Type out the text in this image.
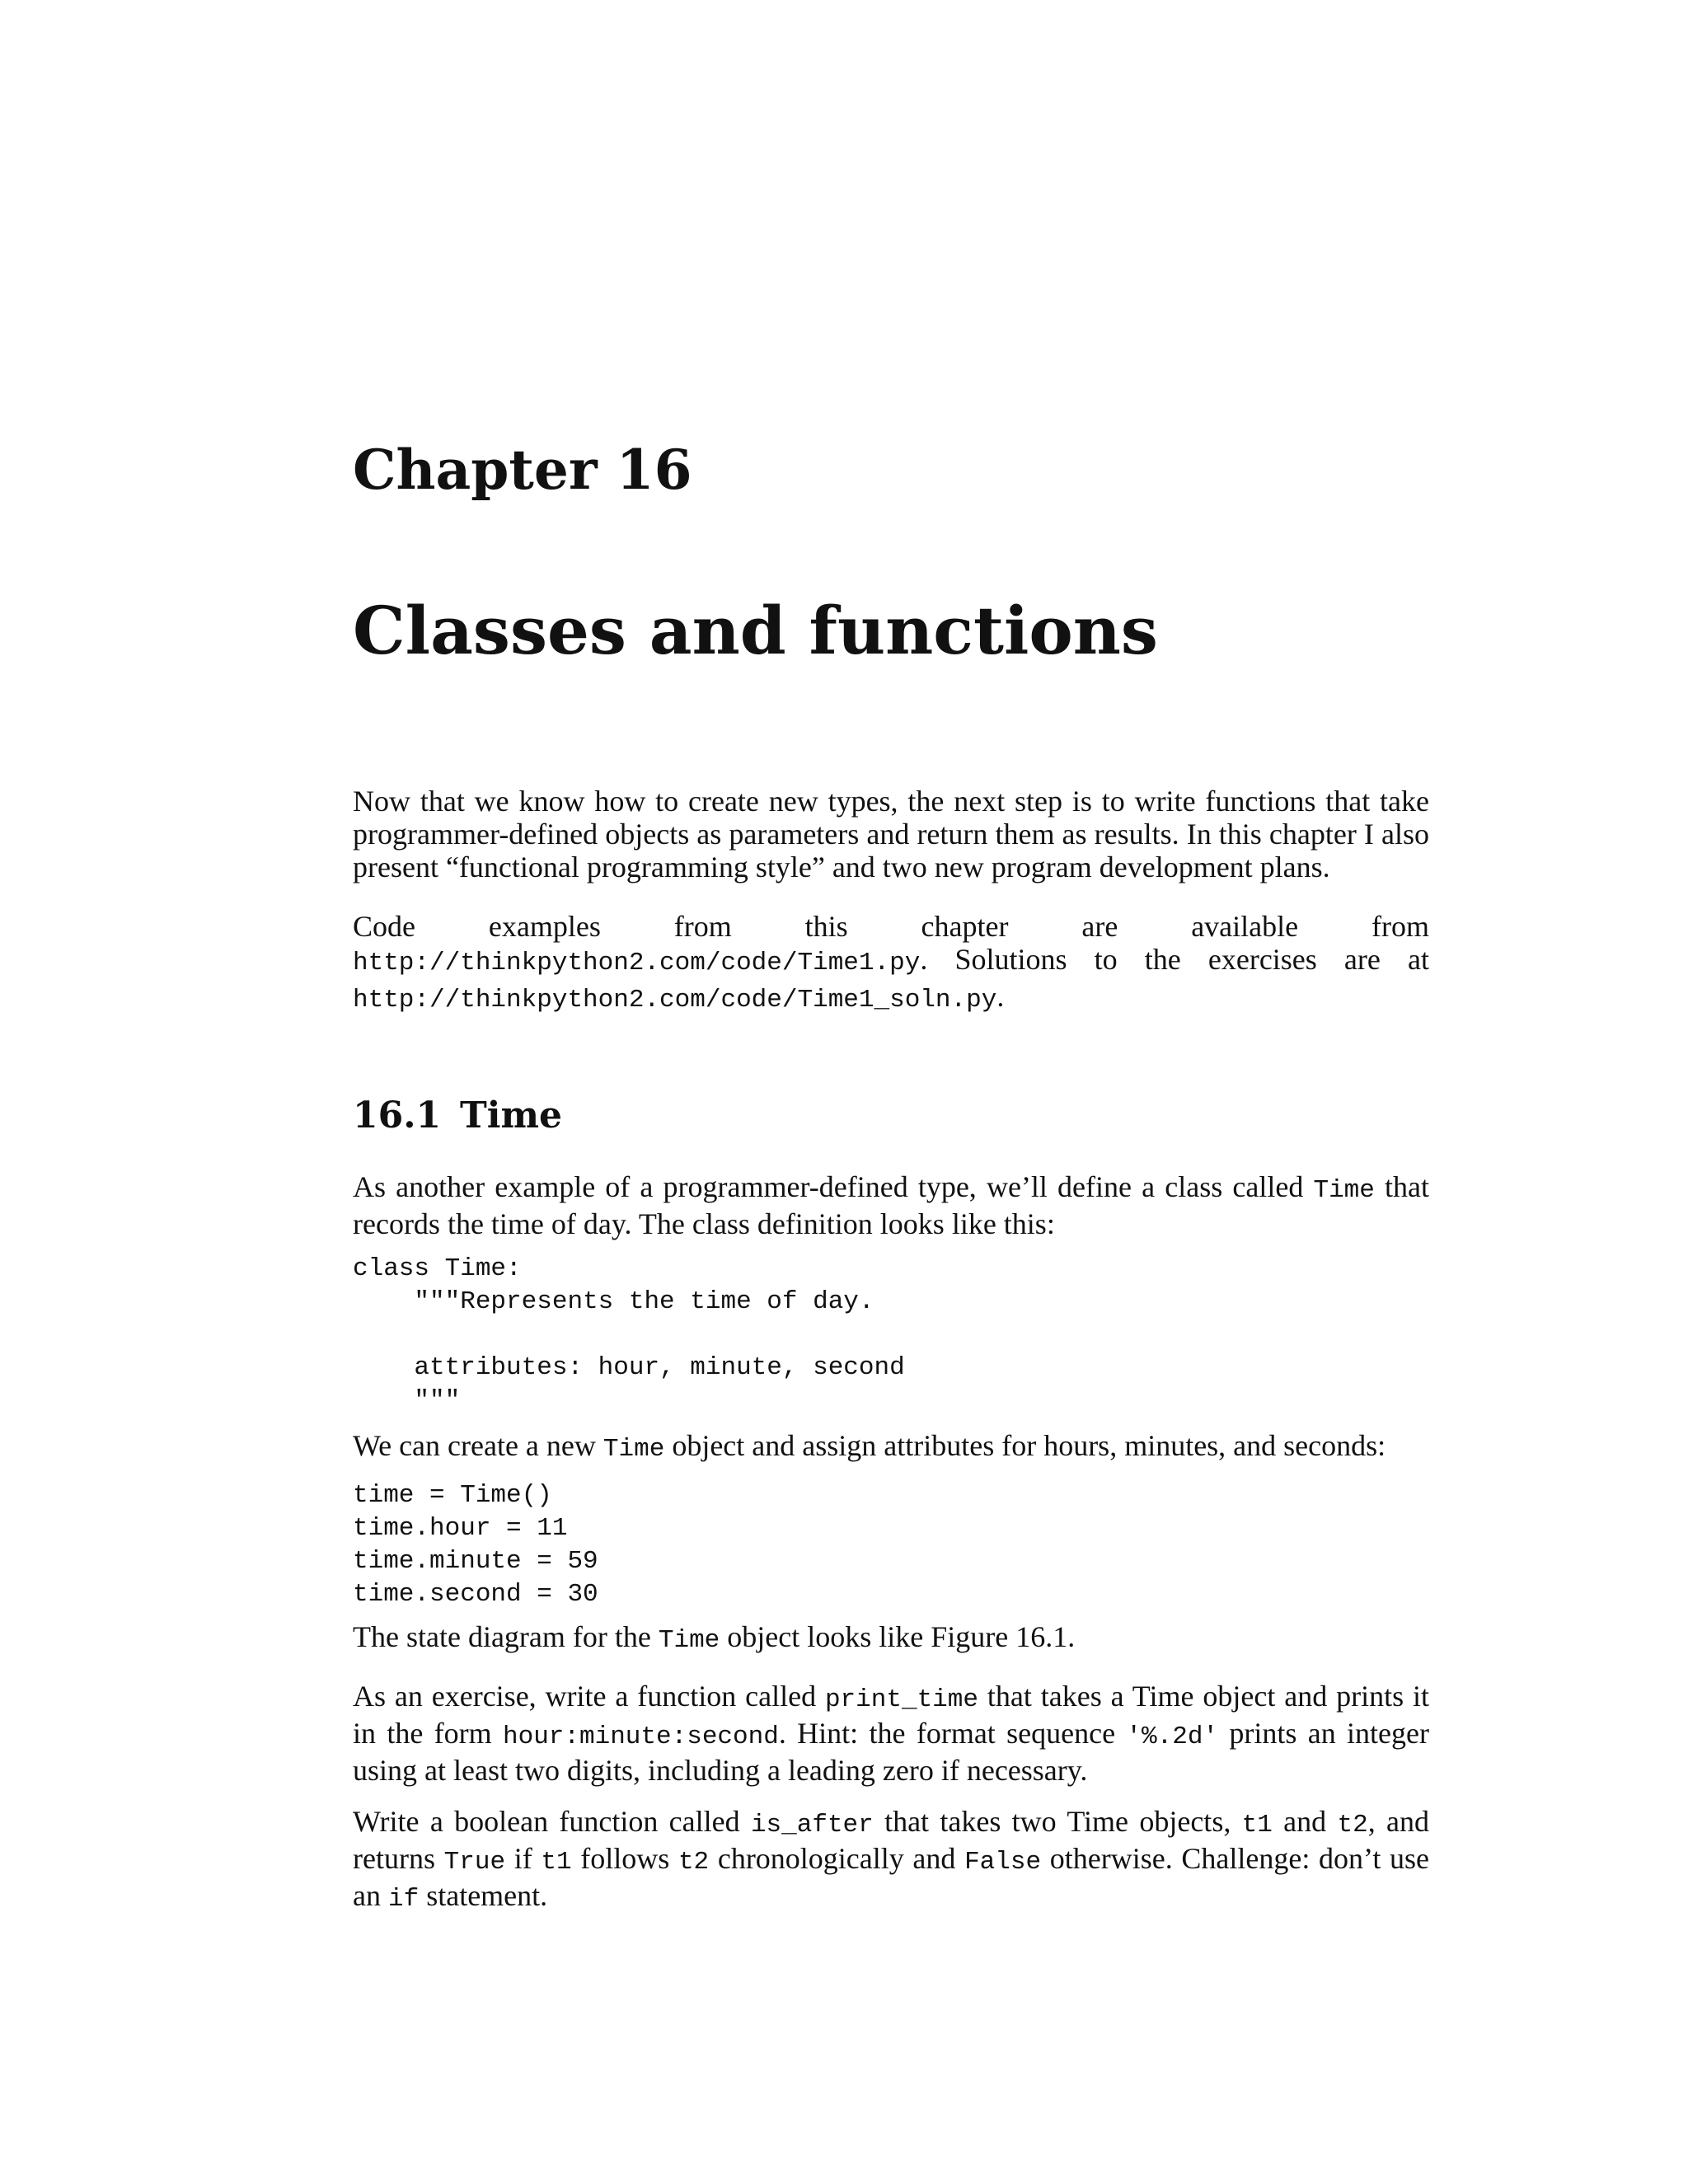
Chapter 16
Classes and functions

Now that we know how to create new types, the next step is to write functions that take programmer-defined objects as parameters and return them as results. In this chapter I also present “functional programming style” and two new program development plans.

Code examples from this chapter are available from http://thinkpython2.com/code/Time1.py. Solutions to the exercises are at http://thinkpython2.com/code/Time1_soln.py.

16.1 Time

As another example of a programmer-defined type, we’ll define a class called Time that records the time of day. The class definition looks like this:

class Time:
"""Represents the time of day.

attributes: hour, minute, second
"""

We can create a new Time object and assign attributes for hours, minutes, and seconds:

time = Time()
time.hour = 11
time.minute = 59
time.second = 30

The state diagram for the Time object looks like Figure 16.1.

As an exercise, write a function called print_time that takes a Time object and prints it in the form hour:minute:second. Hint: the format sequence '%.2d' prints an integer using at least two digits, including a leading zero if necessary.

Write a boolean function called is_after that takes two Time objects, t1 and t2, and returns True if t1 follows t2 chronologically and False otherwise. Challenge: don’t use an if statement.
